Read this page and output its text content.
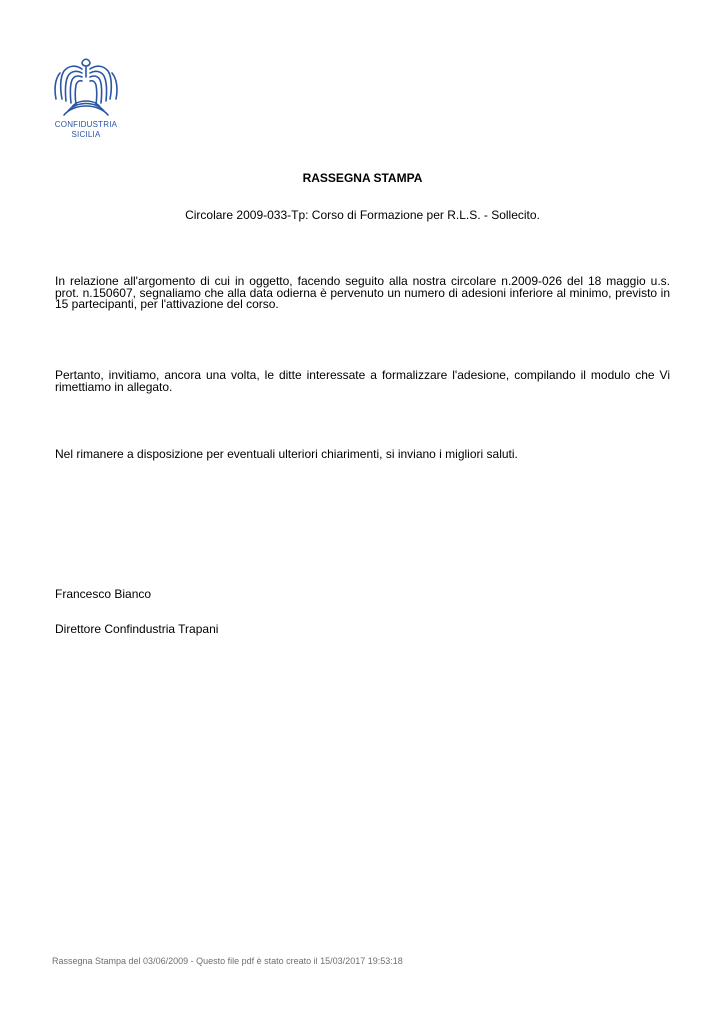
CONFIDUSTRIA
SICILIA
RASSEGNA STAMPA
Circolare 2009-033-Tp: Corso di Formazione per R.L.S. - Sollecito.
In relazione all'argomento di cui in oggetto, facendo seguito alla nostra circolare n.2009-026 del 18 maggio u.s. prot. n.150607, segnaliamo che alla data odierna è pervenuto un numero di adesioni inferiore al minimo, previsto in 15 partecipanti, per l'attivazione del corso.
Pertanto, invitiamo, ancora una volta, le ditte interessate a formalizzare l'adesione, compilando il modulo che Vi rimettiamo in allegato.
Nel rimanere a disposizione per eventuali ulteriori chiarimenti, si inviano i migliori saluti.
Francesco Bianco
Direttore Confindustria Trapani
Rassegna Stampa del 03/06/2009 - Questo file pdf è stato creato il 15/03/2017 19:53:18
